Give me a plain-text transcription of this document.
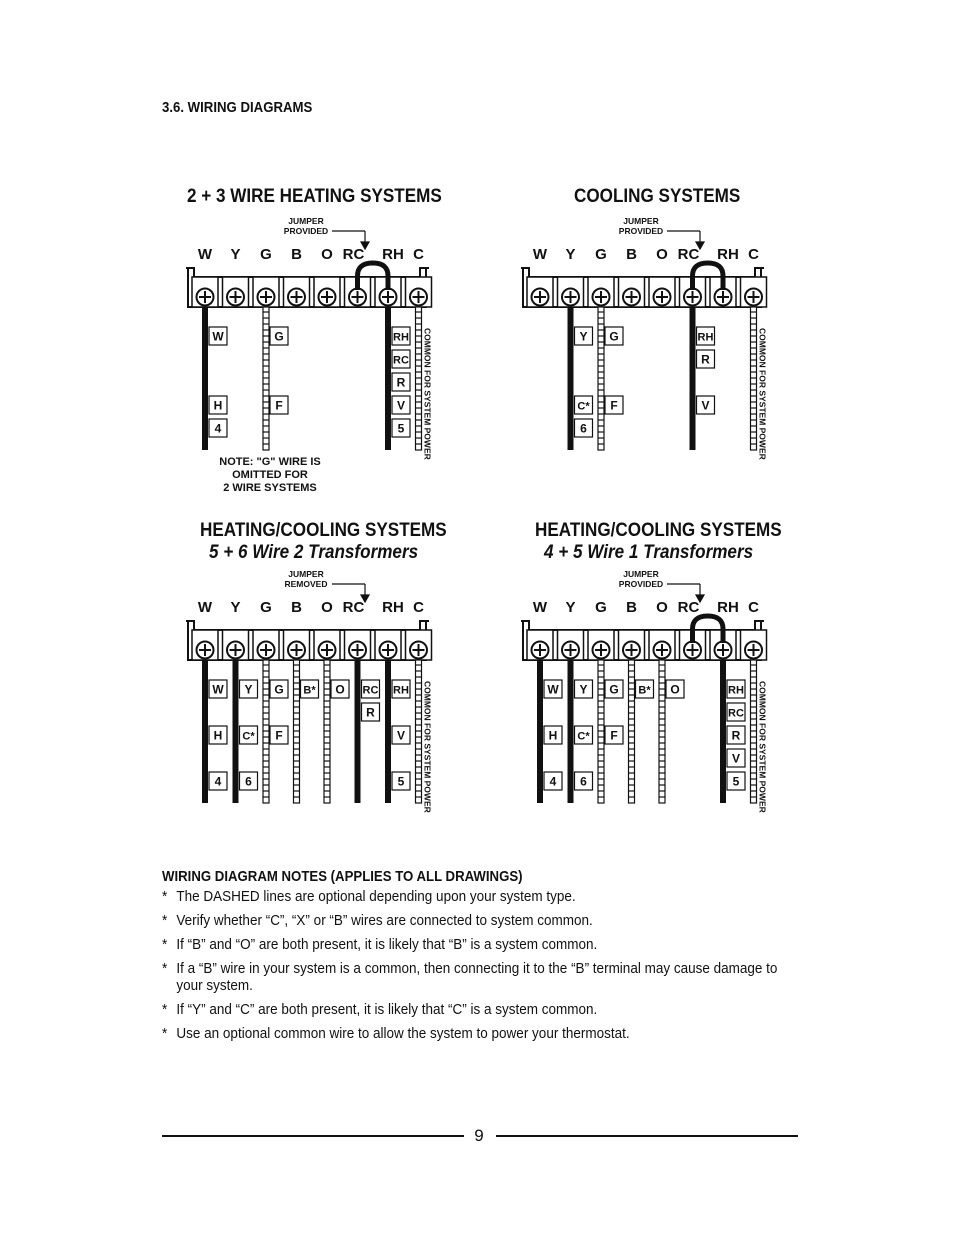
3.6. WIRING DIAGRAMS
2 + 3 WIRE HEATING SYSTEMS	COOLING SYSTEMS
HEATING/COOLING SYSTEMS
5 + 6 Wire 2 Transformers
HEATING/COOLING SYSTEMS
4 + 5 Wire 1 Transformers
JUMPER
PROVIDED
W Y G B O RC RH C
W
H
4
G
F
RH
RC
R
V
5 COMMON FOR SYSTEM POWER
NOTE: "G" WIRE IS
OMITTED FOR
2 WIRE SYSTEMS
JUMPER
PROVIDED
W Y G B O RC RH C
Y
C*
6
G
F
RH
R
V	COMMON FOR SYSTEM POWER
JUMPER
REMOVED
W Y G B O RC RH C
W
H
4
Y
C*
6
G
F
B* O RC
R
RH
V
5 COMMON FOR SYSTEM POWER
JUMPER
PROVIDED
W Y G B O RC RH C
W
H
4
Y
C*
6
G
F
B* O	RH
RC
R
V
5 COMMON FOR SYSTEM POWER
WIRING DIAGRAM NOTES (APPLIES TO ALL DRAWINGS)
* The DASHED lines are optional depending upon your system type.
* Verify whether “C”, “X” or “B” wires are connected to system common.
* If “B” and “O” are both present, it is likely that “B” is a system common.
* If a “B” wire in your system is a common, then connecting it to the “B” terminal may cause damage to your system.
* If “Y” and “C” are both present, it is likely that “C” is a system common.
* Use an optional common wire to allow the system to power your thermostat.
9
